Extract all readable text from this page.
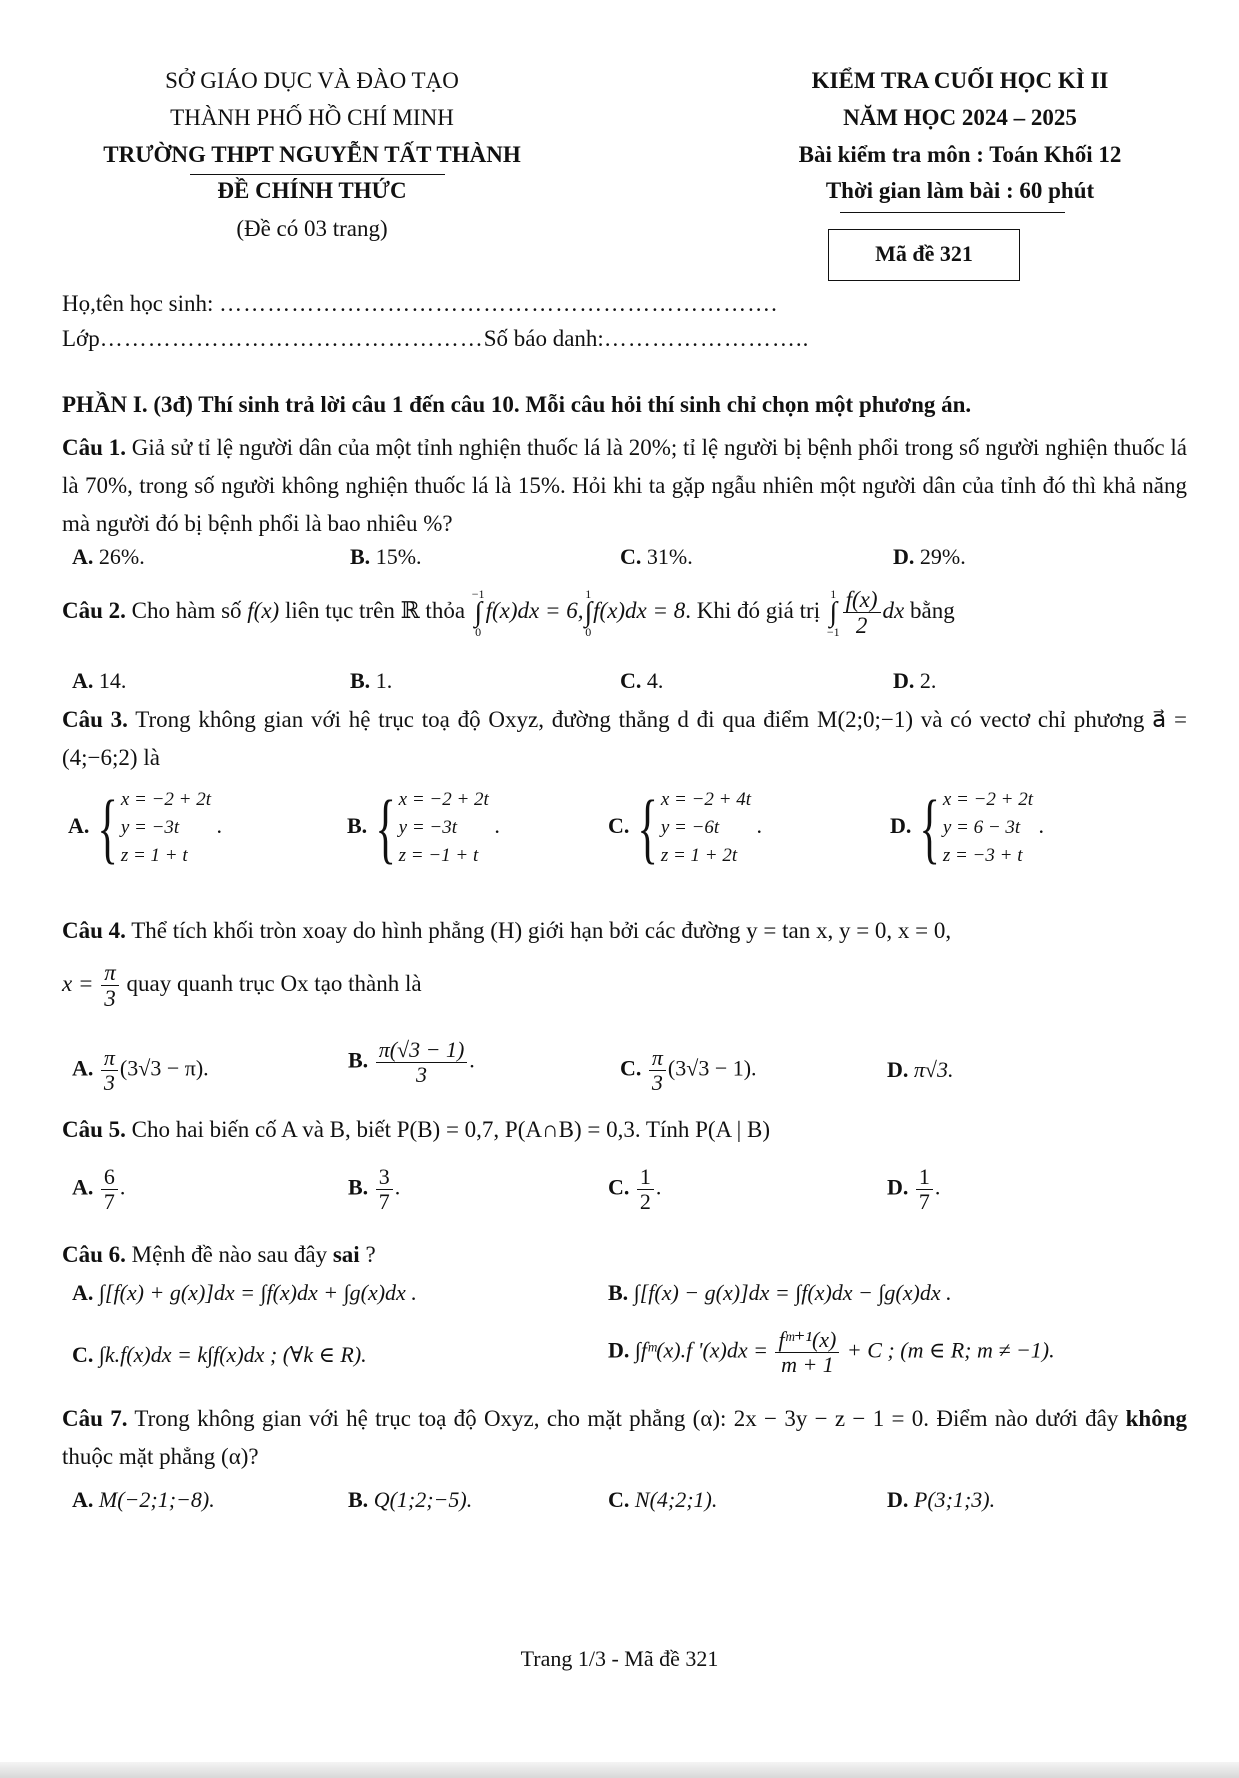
SỞ GIÁO DỤC VÀ ĐÀO TẠO
THÀNH PHỐ HỒ CHÍ MINH
TRƯỜNG THPT NGUYỄN TẤT THÀNH
ĐỀ CHÍNH THỨC
(Đề có 03 trang)
KIỂM TRA CUỐI HỌC KÌ II
NĂM HỌC 2024 – 2025
Bài kiểm tra môn : Toán Khối 12
Thời gian làm bài : 60 phút
Mã đề 321
Họ,tên học sinh: …………………………………………………………….
Lớp…………………………………………Số báo danh:……………………..
PHẦN I. (3đ) Thí sinh trả lời câu 1 đến câu 10. Mỗi câu hỏi thí sinh chỉ chọn một phương án.
Câu 1. Giả sử tỉ lệ người dân của một tỉnh nghiện thuốc lá là 20%; tỉ lệ người bị bệnh phổi trong số người nghiện thuốc lá là 70%, trong số người không nghiện thuốc lá là 15%. Hỏi khi ta gặp ngẫu nhiên một người dân của tỉnh đó thì khả năng mà người đó bị bệnh phổi là bao nhiêu %?
A. 26%.	B. 15%.	C. 31%.	D. 29%.
Câu 2. Cho hàm số f(x) liên tục trên ℝ thỏa
−1
∫
0
f(x)dx = 6,
1
∫
0
f(x)dx = 8. Khi đó giá trị
1
∫
$-1 \frac{f(x)}{2}$ dx bằng
A. 14.	B. 1.	C. 4.	D. 2.
Câu 3. Trong không gian với hệ trục toạ độ Oxyz, đường thẳng d đi qua điểm M(2;0;−1) và có vectơ chỉ phương a⃗ = (4;−6;2) là
A. { x = −2 + 2t
y = −3t
z = 1 + t
.	B. { x = −2 + 2t
y = −3t
z = −1 + t
.	C. { x = −2 + 4t
y = −6t
z = 1 + 2t
.	D. { x = −2 + 2t
y = 6 − 3t
z = −3 + t
.
Câu 4. Thể tích khối tròn xoay do hình phẳng (H) giới hạn bởi các đường y = tan x, y = 0, x = 0,
$x = \frac{\pi}{3}$ quay quanh trục Ox tạo thành là
A. $\frac{\pi}{3} (3√3 - \pi)$.	B. $\frac{\pi(√3 - 1)}{3}$ .	C. $\frac{\pi}{3} (3√3 - 1)$.	D. π√3.
Câu 5. Cho hai biến cố A và B, biết P(B) = 0,7, P(A∩B) = 0,3. Tính P(A | B)
A. $\frac{6}{7}$ .	B. $\frac{3}{7}$ .	C. $\frac{1}{2}$ .	D. $\frac{1}{7}$ .
Câu 6. Mệnh đề nào sau đây sai ?
A. ∫[f(x) + g(x)]dx = ∫f(x)dx + ∫g(x)dx .	B. ∫[f(x) − g(x)]dx = ∫f(x)dx − ∫g(x)dx .
C. ∫k.f(x)dx = k∫f(x)dx ; (∀k ∈ R).	D. ∫fᵐ(x).f '$(x)dx = \frac{\text{fᵐ⁺¹(x)}}{m + 1} + C$ ; (m ∈ R; m ≠ −1).
Câu 7. Trong không gian với hệ trục toạ độ Oxyz, cho mặt phẳng (α): 2x − 3y − z − 1 = 0. Điểm nào dưới đây không thuộc mặt phẳng (α)?
A. M(−2;1;−8).	B. Q(1;2;−5).	C. N(4;2;1).	D. P(3;1;3).
Trang 1/3 - Mã đề 321
